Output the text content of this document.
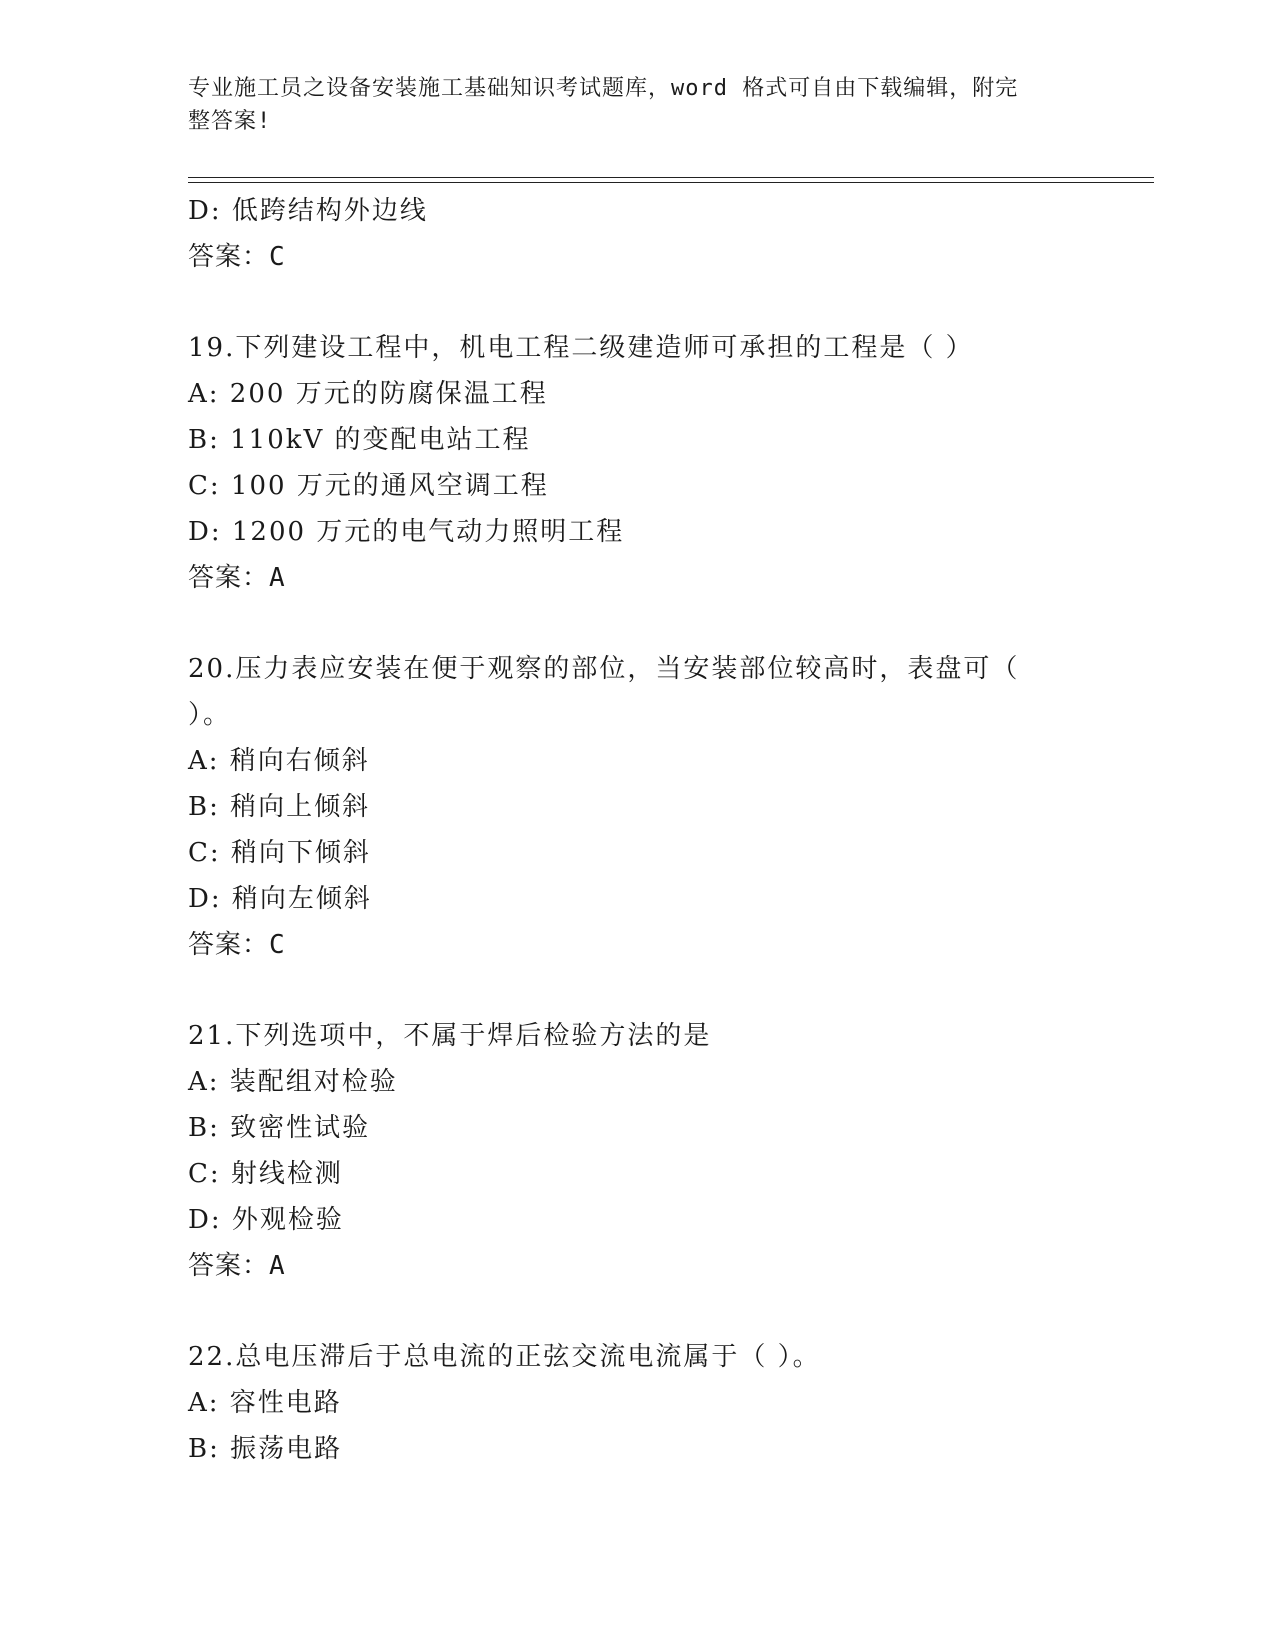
专业施工员之设备安装施工基础知识考试题库，word 格式可自由下载编辑，附完
整答案!
D: 低跨结构外边线
答案：C
19.下列建设工程中，机电工程二级建造师可承担的工程是（ ）
A: 200 万元的防腐保温工程
B: 110kV 的变配电站工程
C: 100 万元的通风空调工程
D: 1200 万元的电气动力照明工程
答案：A
20.压力表应安装在便于观察的部位，当安装部位较高时，表盘可（
）。
A: 稍向右倾斜
B: 稍向上倾斜
C: 稍向下倾斜
D: 稍向左倾斜
答案：C
21.下列选项中，不属于焊后检验方法的是
A: 装配组对检验
B: 致密性试验
C: 射线检测
D: 外观检验
答案：A
22.总电压滞后于总电流的正弦交流电流属于（ ）。
A: 容性电路
B: 振荡电路
